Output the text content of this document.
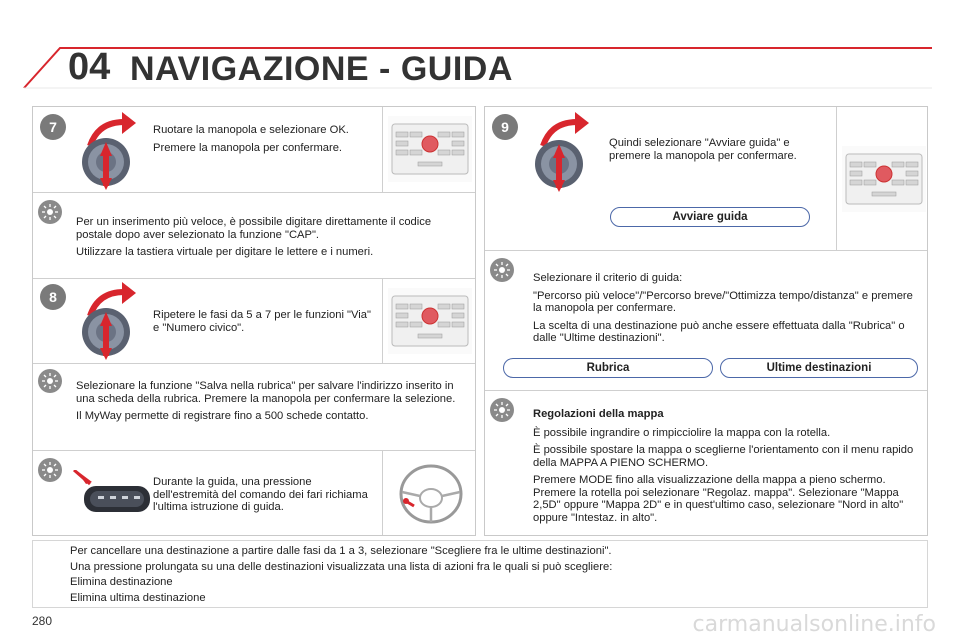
04 NAVIGAZIONE - GUIDA
7	Ruotare la manopola e selezionare OK.

Premere la manopola per confermare.

Per un inserimento più veloce, è possibile digitare direttamente il codice postale dopo aver selezionato la funzione "CAP".

Utilizzare la tastiera virtuale per digitare le lettere e i numeri.

8

Ripetere le fasi da 5 a 7 per le funzioni "Via" e "Numero civico".

Selezionare la funzione "Salva nella rubrica" per salvare l'indirizzo inserito in una scheda della rubrica. Premere la manopola per confermare la selezione.

Il MyWay permette di registrare fino a 500 schede contatto.

Durante la guida, una pressione dell'estremità del comando dei fari richiama l'ultima istruzione di guida.

9

Quindi selezionare "Avviare guida" e premere la manopola per confermare.

Avviare guida

Selezionare il criterio di guida:

"Percorso più veloce"/"Percorso breve/"Ottimizza tempo/distanza" e premere la manopola per confermare.

La scelta di una destinazione può anche essere effettuata dalla "Rubrica" o dalle "Ultime destinazioni".

Rubrica	Ultime destinazioni

Regolazioni della mappa

È possibile ingrandire o rimpicciolire la mappa con la rotella.

È possibile spostare la mappa o sceglierne l'orientamento con il menu rapido della MAPPA A PIENO SCHERMO.

Premere MODE fino alla visualizzazione della mappa a pieno schermo. Premere la rotella poi selezionare "Regolaz. mappa". Selezionare "Mappa 2,5D" oppure "Mappa 2D" e in quest'ultimo caso, selezionare "Nord in alto" oppure "Intestaz. in alto".

Per cancellare una destinazione a partire dalle fasi da 1 a 3, selezionare "Scegliere fra le ultime destinazioni".

Una pressione prolungata su una delle destinazioni visualizzata una lista di azioni fra le quali si può scegliere:

Elimina destinazione

Elimina ultima destinazione

280	carmanualsonline.info
